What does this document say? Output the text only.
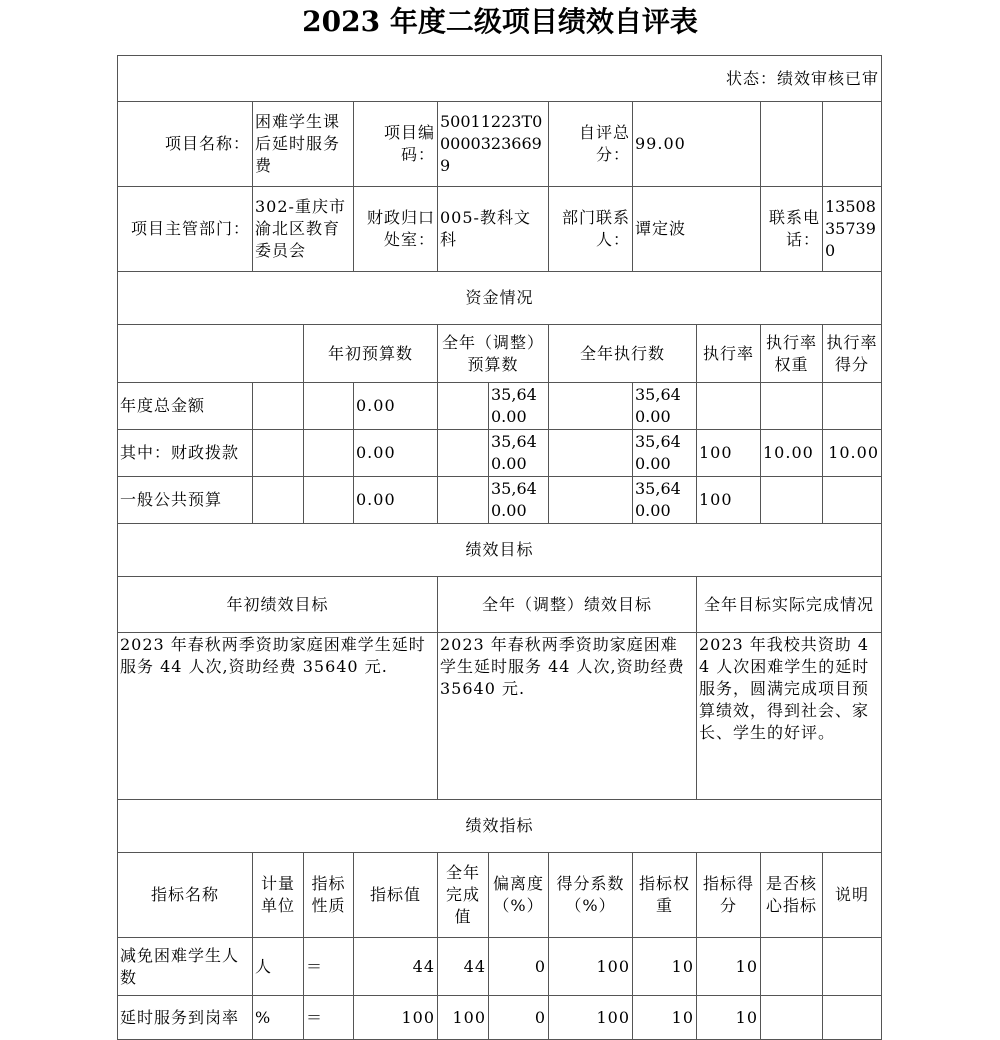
2023 年度二级项目绩效自评表
状态：绩效审核已审										
项目名称：	困难学生课后延时服务费		项目编码：	50011223T000003236699		自评总分：	99.00			
项目主管部门：	302-重庆市渝北区教育委员会		财政归口处室：	005-教科文科		部门联系人：	谭定波		联系电话：	13508357390
资金情况										
		年初预算数		全年（调整）预算数		全年执行数		执行率	执行率权重	执行率得分
年度总金额			0.00		35,640.00		35,640.00			
其中：财政拨款			0.00		35,640.00		35,640.00	100	10.00	10.00
一般公共预算			0.00		35,640.00		35,640.00	100		
绩效目标										
年初绩效目标				全年（调整）绩效目标				全年目标实际完成情况		
2023 年春秋两季资助家庭困难学生延时服务 44 人次,资助经费 35640 元.				2023 年春秋两季资助家庭困难学生延时服务 44 人次,资助经费 35640 元.				2023 年我校共资助 44 人次困难学生的延时服务，圆满完成项目预算绩效，得到社会、家长、学生的好评。		
绩效指标										
指标名称	计量单位	指标性质	指标值	全年完成值	偏离度（%）	得分系数（%）	指标权重	指标得分	是否核心指标	说明
减免困难学生人数	人	＝	44	44	0	100	10	10		
延时服务到岗率	%	＝	100	100	0	100	10	10		
